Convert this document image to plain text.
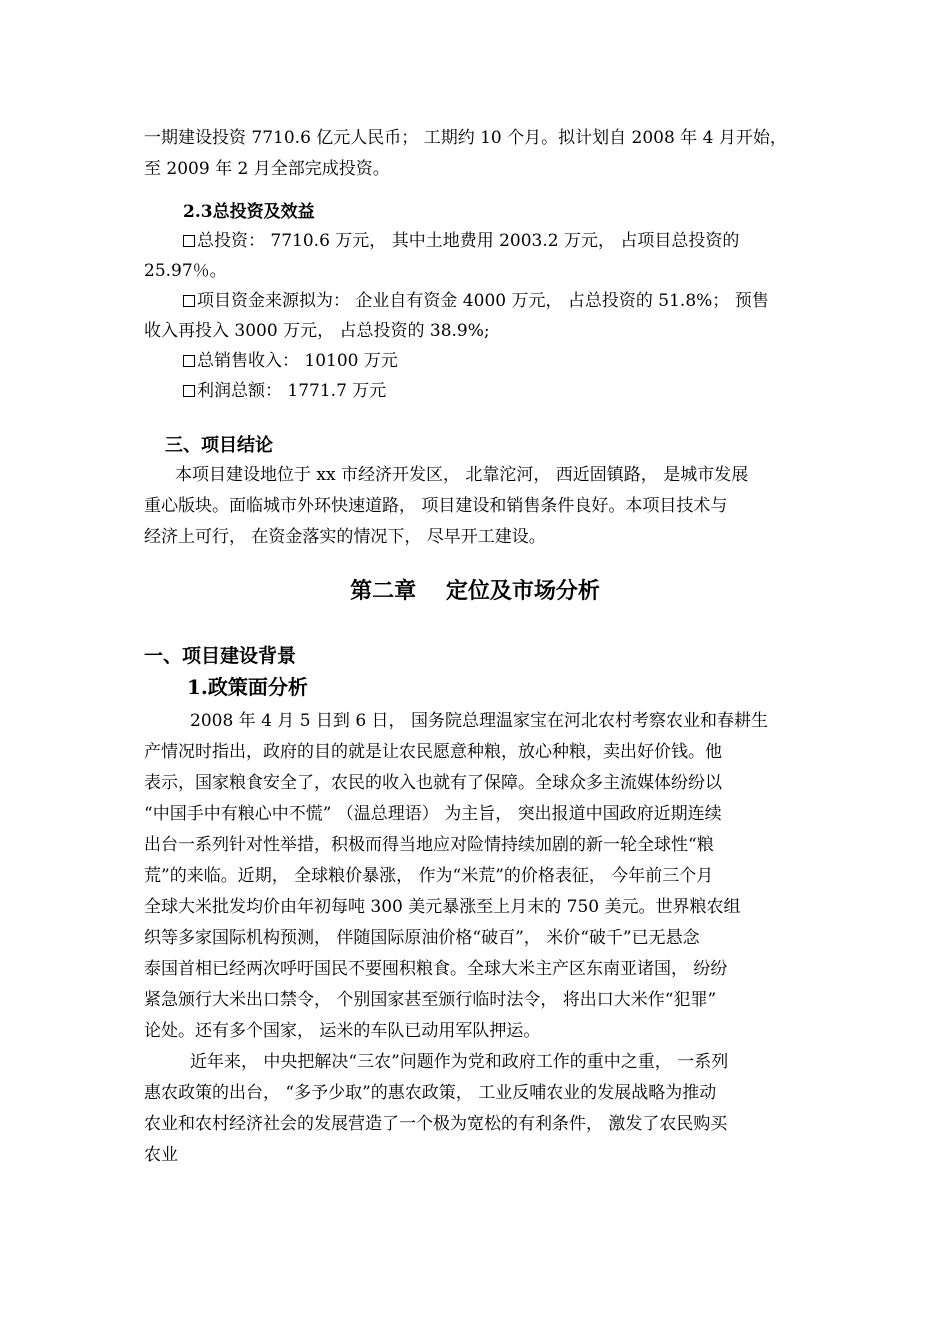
一期建设投资 7710.6 亿元人民币； 工期约 10 个月。拟计划自 2008 年 4 月开始，
至 2009 年 2 月全部完成投资。
2.3总投资及效益
总投资： 7710.6 万元， 其中土地费用 2003.2 万元， 占项目总投资的
25.97％。
项目资金来源拟为： 企业自有资金 4000 万元， 占总投资的 51.8%； 预售
收入再投入 3000 万元， 占总投资的 38.9%;
总销售收入： 10100 万元
利润总额： 1771.7 万元
三、项目结论
本项目建设地位于 xx 市经济开发区， 北靠沱河， 西近固镇路， 是城市发展
重心版块。面临城市外环快速道路， 项目建设和销售条件良好。本项目技术与
经济上可行， 在资金落实的情况下， 尽早开工建设。
第二章　 定位及市场分析
一、项目建设背景
1.政策面分析
2008 年 4 月 5 日到 6 日， 国务院总理温家宝在河北农村考察农业和春耕生
产情况时指出，政府的目的就是让农民愿意种粮，放心种粮，卖出好价钱。他
表示，国家粮食安全了，农民的收入也就有了保障。全球众多主流媒体纷纷以
“中国手中有粮心中不慌” （温总理语） 为主旨， 突出报道中国政府近期连续
出台一系列针对性举措，积极而得当地应对险情持续加剧的新一轮全球性“粮
荒”的来临。近期， 全球粮价暴涨， 作为“米荒”的价格表征， 今年前三个月
全球大米批发均价由年初每吨 300 美元暴涨至上月末的 750 美元。世界粮农组
织等多家国际机构预测， 伴随国际原油价格“破百”， 米价“破千”已无悬念
泰国首相已经两次呼吁国民不要囤积粮食。全球大米主产区东南亚诸国， 纷纷
紧急颁行大米出口禁令， 个别国家甚至颁行临时法令， 将出口大米作“犯罪”
论处。还有多个国家， 运米的车队已动用军队押运。
近年来， 中央把解决“三农”问题作为党和政府工作的重中之重， 一系列
惠农政策的出台， “多予少取”的惠农政策， 工业反哺农业的发展战略为推动
农业和农村经济社会的发展营造了一个极为宽松的有利条件， 激发了农民购买
农业
